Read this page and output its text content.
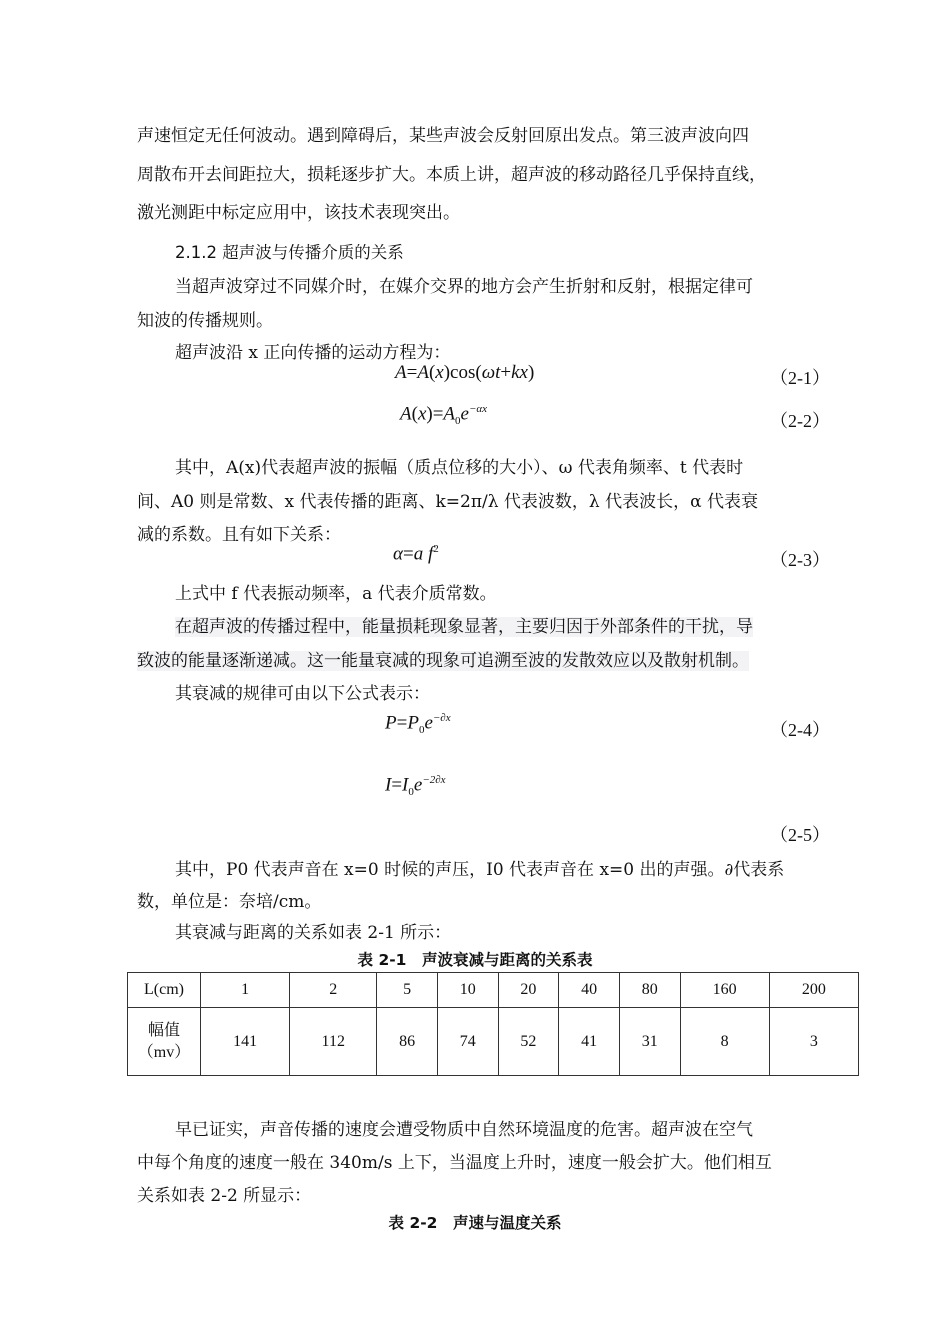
声速恒定无任何波动。遇到障碍后，某些声波会反射回原出发点。第三波声波向四
周散布开去间距拉大，损耗逐步扩大。本质上讲，超声波的移动路径几乎保持直线，
激光测距中标定应用中，该技术表现突出。
2.1.2 超声波与传播介质的关系
当超声波穿过不同媒介时，在媒介交界的地方会产生折射和反射，根据定律可
知波的传播规则。
超声波沿 x 正向传播的运动方程为：
A=A(x)cos(ωt+kx)	（2-1）
$A(x)=A_0e^{-\alpha x}$
（2-2）
其中，A(x)代表超声波的振幅（质点位移的大小）、ω 代表角频率、t 代表时
间、A0 则是常数、x 代表传播的距离、k=2π/λ 代表波数，λ 代表波长，α 代表衰
减的系数。且有如下关系：
α=a $f^2$
（2-3）
上式中 f 代表振动频率，a 代表介质常数。
在超声波的传播过程中，能量损耗现象显著，主要归因于外部条件的干扰，导
致波的能量逐渐递减。这一能量衰减的现象可追溯至波的发散效应以及散射机制。
其衰减的规律可由以下公式表示：
$P=P_0e^{-\partial x}$
（2-4）
$I=I_0e^{-2\partial x}$
（2-5）
其中，P0 代表声音在 x=0 时候的声压，I0 代表声音在 x=0 出的声强。∂代表系
数，单位是：奈培/cm。
其衰减与距离的关系如表 2-1 所示：
表 2-1　声波衰减与距离的关系表
L(cm)	1	2	5	10	20	40	80	160	200

幅值
（mv）	141	112	86	74	52	41	31	8	3
早已证实，声音传播的速度会遭受物质中自然环境温度的危害。超声波在空气
中每个角度的速度一般在 340m/s 上下，当温度上升时，速度一般会扩大。他们相互
关系如表 2-2 所显示：
表 2-2　声速与温度关系
